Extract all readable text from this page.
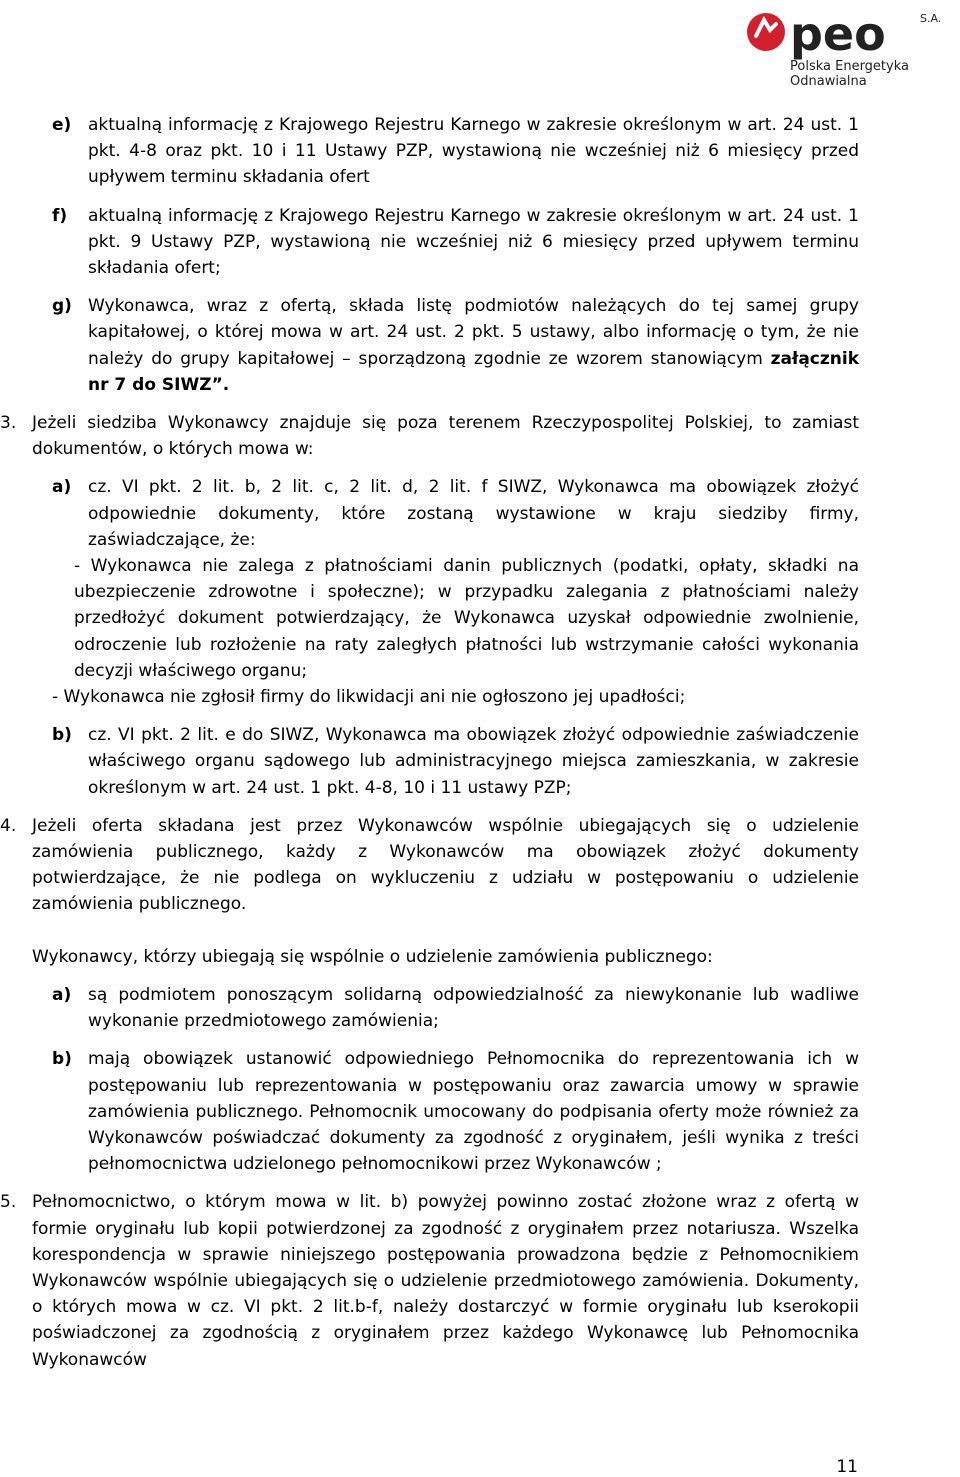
peo	S.A.
Polska Energetyka
Odnawialna

e) aktualną informację z Krajowego Rejestru Karnego w zakresie określonym w art. 24 ust. 1 pkt. 4-8 oraz pkt. 10 i 11 Ustawy PZP, wystawioną nie wcześniej niż 6 miesięcy przed upływem terminu składania ofert

f) aktualną informację z Krajowego Rejestru Karnego w zakresie określonym w art. 24 ust. 1 pkt. 9 Ustawy PZP, wystawioną nie wcześniej niż 6 miesięcy przed upływem terminu składania ofert;

g) Wykonawca, wraz z ofertą, składa listę podmiotów należących do tej samej grupy kapitałowej, o której mowa w art. 24 ust. 2 pkt. 5 ustawy, albo informację o tym, że nie należy do grupy kapitałowej – sporządzoną zgodnie ze wzorem stanowiącym załącznik nr 7 do SIWZ”.

3. Jeżeli siedziba Wykonawcy znajduje się poza terenem Rzeczypospolitej Polskiej, to zamiast dokumentów, o których mowa w:

a) cz. VI pkt. 2 lit. b, 2 lit. c, 2 lit. d, 2 lit. f SIWZ, Wykonawca ma obowiązek złożyć odpowiednie dokumenty, które zostaną wystawione w kraju siedziby firmy, zaświadczające, że:

- Wykonawca nie zalega z płatnościami danin publicznych (podatki, opłaty, składki na ubezpieczenie zdrowotne i społeczne); w przypadku zalegania z płatnościami należy przedłożyć dokument potwierdzający, że Wykonawca uzyskał odpowiednie zwolnienie, odroczenie lub rozłożenie na raty zaległych płatności lub wstrzymanie całości wykonania decyzji właściwego organu;

- Wykonawca nie zgłosił firmy do likwidacji ani nie ogłoszono jej upadłości;

b) cz. VI pkt. 2 lit. e do SIWZ, Wykonawca ma obowiązek złożyć odpowiednie zaświadczenie właściwego organu sądowego lub administracyjnego miejsca zamieszkania, w zakresie określonym w art. 24 ust. 1 pkt. 4-8, 10 i 11 ustawy PZP;

4. Jeżeli oferta składana jest przez Wykonawców wspólnie ubiegających się o udzielenie zamówienia publicznego, każdy z Wykonawców ma obowiązek złożyć dokumenty potwierdzające, że nie podlega on wykluczeniu z udziału w postępowaniu o udzielenie zamówienia publicznego.

Wykonawcy, którzy ubiegają się wspólnie o udzielenie zamówienia publicznego:

a) są podmiotem ponoszącym solidarną odpowiedzialność za niewykonanie lub wadliwe wykonanie przedmiotowego zamówienia;

b) mają obowiązek ustanowić odpowiedniego Pełnomocnika do reprezentowania ich w postępowaniu lub reprezentowania w postępowaniu oraz zawarcia umowy w sprawie zamówienia publicznego. Pełnomocnik umocowany do podpisania oferty może również za Wykonawców poświadczać dokumenty za zgodność z oryginałem, jeśli wynika z treści pełnomocnictwa udzielonego pełnomocnikowi przez Wykonawców ;

5. Pełnomocnictwo, o którym mowa w lit. b) powyżej powinno zostać złożone wraz z ofertą w formie oryginału lub kopii potwierdzonej za zgodność z oryginałem przez notariusza. Wszelka korespondencja w sprawie niniejszego postępowania prowadzona będzie z Pełnomocnikiem Wykonawców wspólnie ubiegających się o udzielenie przedmiotowego zamówienia. Dokumenty, o których mowa w cz. VI pkt. 2 lit.b-f, należy dostarczyć w formie oryginału lub kserokopii poświadczonej za zgodnością z oryginałem przez każdego Wykonawcę lub Pełnomocnika Wykonawców

11
